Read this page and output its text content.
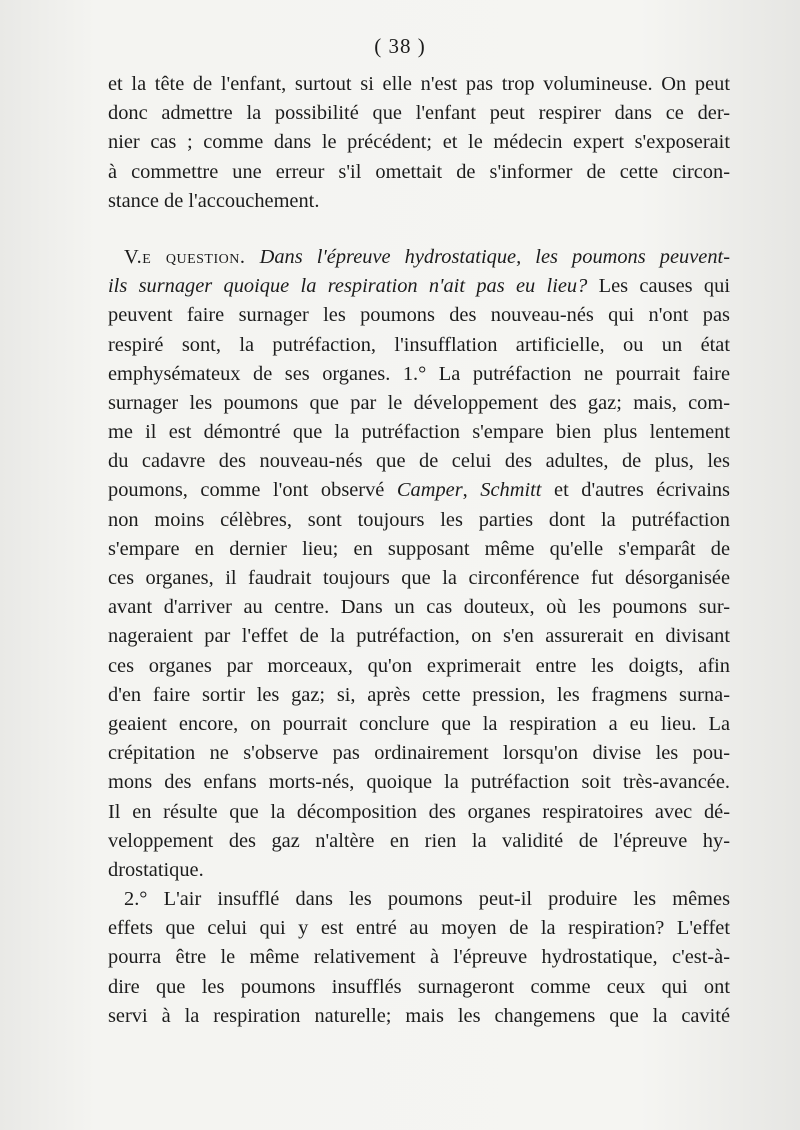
( 38 )
et la tête de l'enfant, surtout si elle n'est pas trop volumineuse. On peut
donc admettre la possibilité que l'enfant peut respirer dans ce der-
nier cas ; comme dans le précédent; et le médecin expert s'exposerait
à commettre une erreur s'il omettait de s'informer de cette circon-
stance de l'accouchement.
V.e question. Dans l'épreuve hydrostatique, les poumons peuvent-
ils surnager quoique la respiration n'ait pas eu lieu? Les causes qui
peuvent faire surnager les poumons des nouveau-nés qui n'ont pas
respiré sont, la putréfaction, l'insufflation artificielle, ou un état
emphysémateux de ses organes. 1.° La putréfaction ne pourrait faire
surnager les poumons que par le développement des gaz; mais, com-
me il est démontré que la putréfaction s'empare bien plus lentement
du cadavre des nouveau-nés que de celui des adultes, de plus, les
poumons, comme l'ont observé Camper, Schmitt et d'autres écrivains
non moins célèbres, sont toujours les parties dont la putréfaction
s'empare en dernier lieu; en supposant même qu'elle s'emparât de
ces organes, il faudrait toujours que la circonférence fut désorganisée
avant d'arriver au centre. Dans un cas douteux, où les poumons sur-
nageraient par l'effet de la putréfaction, on s'en assurerait en divisant
ces organes par morceaux, qu'on exprimerait entre les doigts, afin
d'en faire sortir les gaz; si, après cette pression, les fragmens surna-
geaient encore, on pourrait conclure que la respiration a eu lieu. La
crépitation ne s'observe pas ordinairement lorsqu'on divise les pou-
mons des enfans morts-nés, quoique la putréfaction soit très-avancée.
Il en résulte que la décomposition des organes respiratoires avec dé-
veloppement des gaz n'altère en rien la validité de l'épreuve hy-
drostatique.
2.° L'air insufflé dans les poumons peut-il produire les mêmes
effets que celui qui y est entré au moyen de la respiration? L'effet
pourra être le même relativement à l'épreuve hydrostatique, c'est-à-
dire que les poumons insufflés surnageront comme ceux qui ont
servi à la respiration naturelle; mais les changemens que la cavité
